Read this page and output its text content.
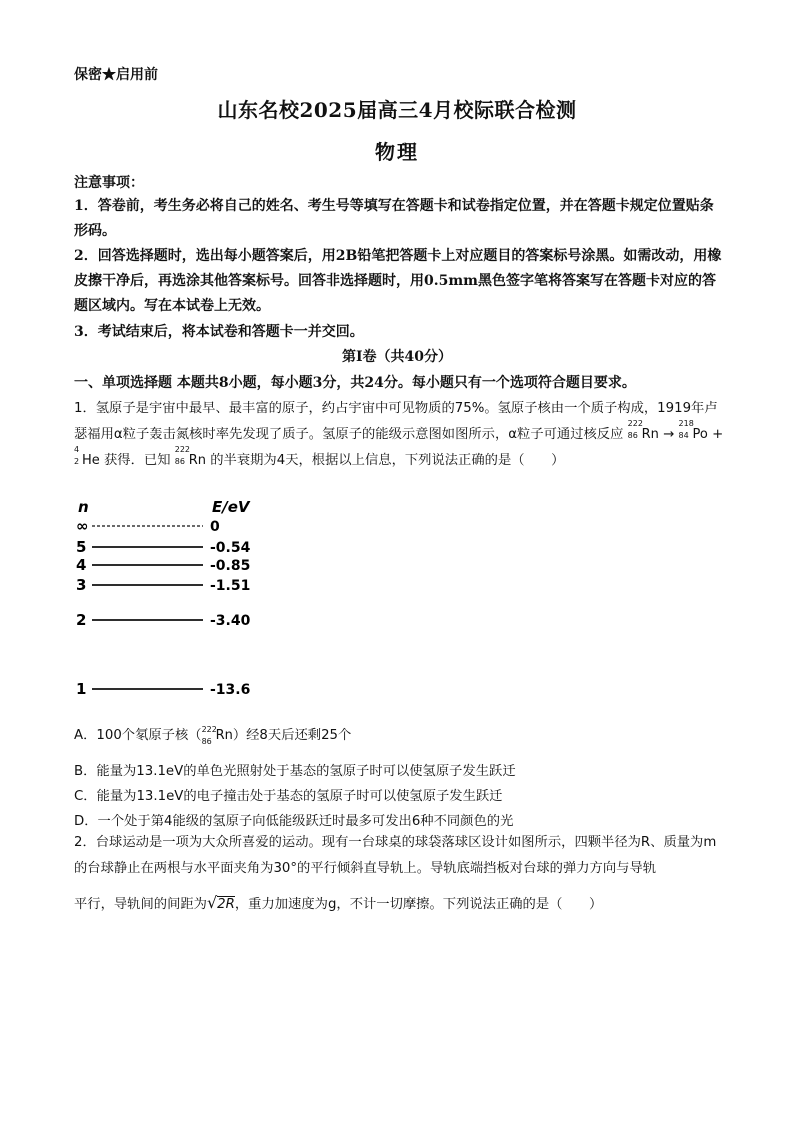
保密★启用前
山东名校2025届高三4月校际联合检测
物理
注意事项：
1．答卷前，考生务必将自己的姓名、考生号等填写在答题卡和试卷指定位置，并在答题卡规定位置贴条形码。
2．回答选择题时，选出每小题答案后，用2B铅笔把答题卡上对应题目的答案标号涂黑。如需改动，用橡皮擦干净后，再选涂其他答案标号。回答非选择题时，用0.5mm黑色签字笔将答案写在答题卡对应的答题区域内。写在本试卷上无效。
3．考试结束后，将本试卷和答题卡一并交回。
第Ⅰ卷（共40分）
一、单项选择题 本题共8小题，每小题3分，共24分。每小题只有一个选项符合题目要求。
1．氢原子是宇宙中最早、最丰富的原子，约占宇宙中可见物质的75%。氢原子核由一个质子构成，1919年卢瑟福用α粒子轰击氮核时率先发现了质子。氢原子的能级示意图如图所示，α粒子可通过核反应
222
86 Rn →
218
84 Po +
4
2 He 获得．已知
222
86 Rn 的半衰期为4天，根据以上信息，下列说法正确的是（　　）
n	E/eV
∞	0
5	-0.54
4	-0.85
3	-1.51
2	-3.40
1	-13.6
A．100个氡原子核（ 222
86 Rn）经8天后还剩25个
B．能量为13.1eV的单色光照射处于基态的氢原子时可以使氢原子发生跃迁
C．能量为13.1eV的电子撞击处于基态的氢原子时可以使氢原子发生跃迁
D．一个处于第4能级的氢原子向低能级跃迁时最多可发出6种不同颜色的光
2．台球运动是一项为大众所喜爱的运动。现有一台球桌的球袋落球区设计如图所示，四颗半径为R、质量为m的台球静止在两根与水平面夹角为30°的平行倾斜直导轨上。导轨底端挡板对台球的弹力方向与导轨
平行，导轨间的间距为√2R，重力加速度为g，不计一切摩擦。下列说法正确的是（　　）
